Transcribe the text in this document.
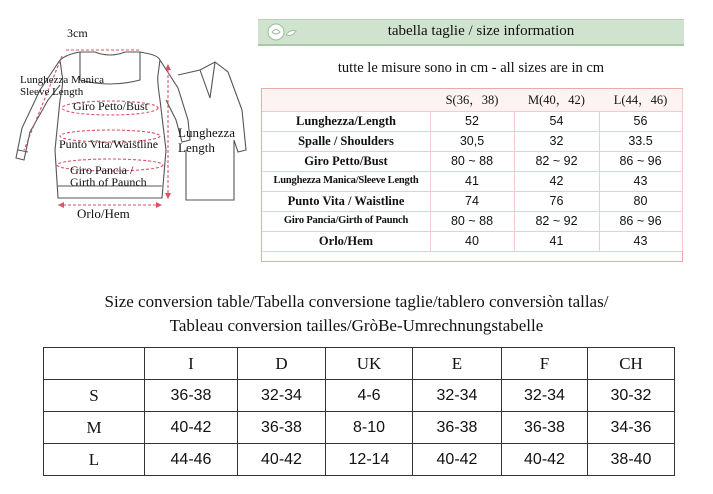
3cm
Lunghezza Manica
Sleeve Length
Giro Petto/Bust
Punto Vita/Waistline
Giro Pancia /
Girth of Paunch
Orlo/Hem
Lunghezza
Length
tabella taglie / size information
tutte le misure sono in cm - all sizes are in cm
S(36，38)	M(40，42)	L(44，46)
Lunghezza/Length	52	54	56
Spalle / Shoulders	30,5	32	33.5
Giro Petto/Bust	80 ~ 88	82 ~ 92	86 ~ 96
Lunghezza Manica/Sleeve Length	41	42	43
Punto Vita / Waistline	74	76	80
Giro Pancia/Girth of Paunch	80 ~ 88	82 ~ 92	86 ~ 96
Orlo/Hem	40	41	43
Size conversion table/Tabella conversione taglie/tablero conversiòn tallas/
Tableau conversion tailles/GròBe-Umrechnungstabelle
	I	D	UK	E	F	CH
S	36-38	32-34	4-6	32-34	32-34	30-32
M	40-42	36-38	8-10	36-38	36-38	34-36
L	44-46	40-42	12-14	40-42	40-42	38-40
